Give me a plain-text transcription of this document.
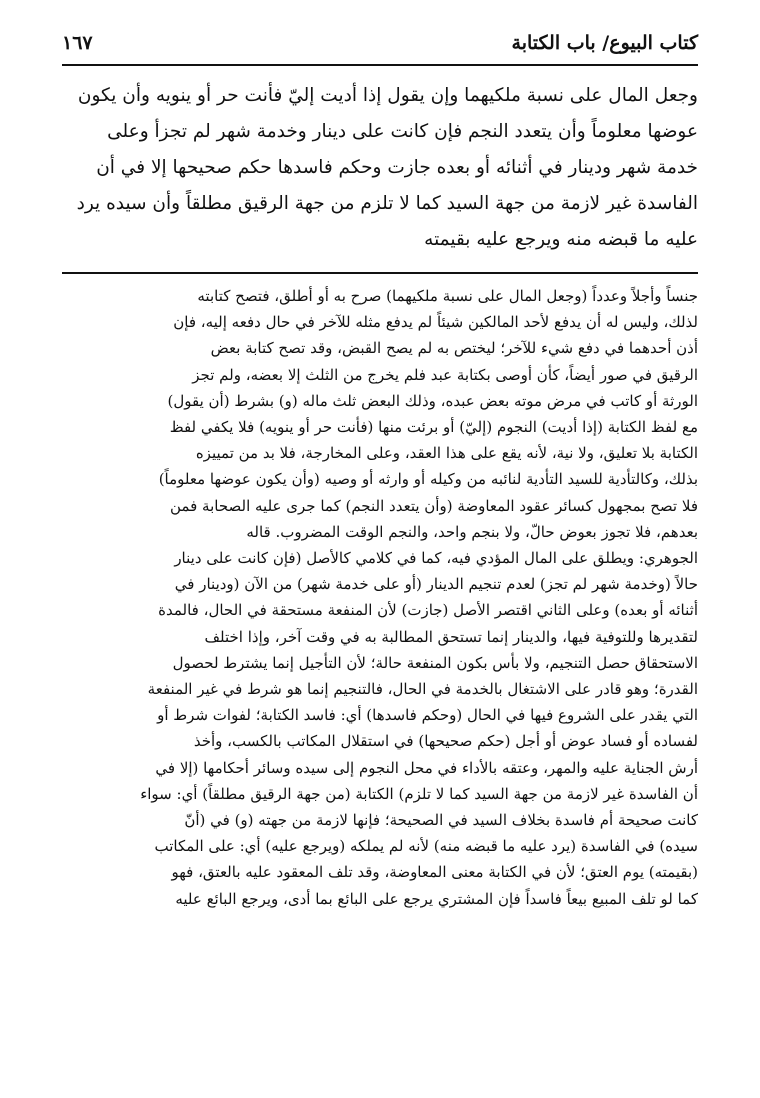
كتاب البيوع/ باب الكتابة
١٦٧
وجعل المال على نسبة ملكيهما وإن يقول إذا أديت إليّ فأنت حر أو ينويه وأن يكون
عوضها معلوماً وأن يتعدد النجم فإن كانت على دينار وخدمة شهر لم تجزأ وعلى
خدمة شهر ودينار في أثنائه أو بعده جازت وحكم فاسدها حكم صحيحها إلا في أن
الفاسدة غير لازمة من جهة السيد كما لا تلزم من جهة الرقيق مطلقاً وأن سيده يرد
عليه ما قبضه منه ويرجع عليه بقيمته
جنساً وأجلاً وعدداً (وجعل المال على نسبة ملكيهما) صرح به أو أطلق، فتصح كتابته
لذلك، وليس له أن يدفع لأحد المالكين شيئاً لم يدفع مثله للآخر في حال دفعه إليه، فإن
أذن أحدهما في دفع شيء للآخر؛ ليختص به لم يصح القبض، وقد تصح كتابة بعض
الرقيق في صور أيضاً، كأن أوصى بكتابة عبد فلم يخرج من الثلث إلا بعضه، ولم تجز
الورثة أو كاتب في مرض موته بعض عبده، وذلك البعض ثلث ماله (و) بشرط (أن يقول)
مع لفظ الكتابة (إذا أديت) النجوم (إليّ) أو برئت منها (فأنت حر أو ينويه) فلا يكفي لفظ
الكتابة بلا تعليق، ولا نية، لأنه يقع على هذا العقد، وعلى المخارجة، فلا بد من تمييزه
بذلك، وكالتأدية للسيد التأدية لنائبه من وكيله أو وارثه أو وصيه (وأن يكون عوضها معلوماً)
فلا تصح بمجهول كسائر عقود المعاوضة (وأن يتعدد النجم) كما جرى عليه الصحابة فمن
بعدهم، فلا تجوز بعوض حالّ، ولا بنجم واحد، والنجم الوقت المضروب. قاله
الجوهري: ويطلق على المال المؤدي فيه، كما في كلامي كالأصل (فإن كانت على دينار
حالاً (وخدمة شهر لم تجز) لعدم تنجيم الدينار (أو على خدمة شهر) من الآن (ودينار في
أثنائه أو بعده) وعلى الثاني اقتصر الأصل (جازت) لأن المنفعة مستحقة في الحال، فالمدة
لتقديرها وللتوفية فيها، والدينار إنما تستحق المطالبة به في وقت آخر، وإذا اختلف
الاستحقاق حصل التنجيم، ولا بأس بكون المنفعة حالة؛ لأن التأجيل إنما يشترط لحصول
القدرة؛ وهو قادر على الاشتغال بالخدمة في الحال، فالتنجيم إنما هو شرط في غير المنفعة
التي يقدر على الشروع فيها في الحال (وحكم فاسدها) أي: فاسد الكتابة؛ لفوات شرط أو
لفساده أو فساد عوض أو أجل (حكم صحيحها) في استقلال المكاتب بالكسب، وأخذ
أرش الجناية عليه والمهر، وعتقه بالأداء في محل النجوم إلى سيده وسائر أحكامها (إلا في
أن الفاسدة غير لازمة من جهة السيد كما لا تلزم) الكتابة (من جهة الرقيق مطلقاً) أي: سواء
كانت صحيحة أم فاسدة بخلاف السيد في الصحيحة؛ فإنها لازمة من جهته (و) في (أنّ
سيده) في الفاسدة (يرد عليه ما قبضه منه) لأنه لم يملكه (ويرجع عليه) أي: على المكاتب
(بقيمته) يوم العتق؛ لأن في الكتابة معنى المعاوضة، وقد تلف المعقود عليه بالعتق، فهو
كما لو تلف المبيع بيعاً فاسداً فإن المشتري يرجع على البائع بما أدى، ويرجع البائع عليه
